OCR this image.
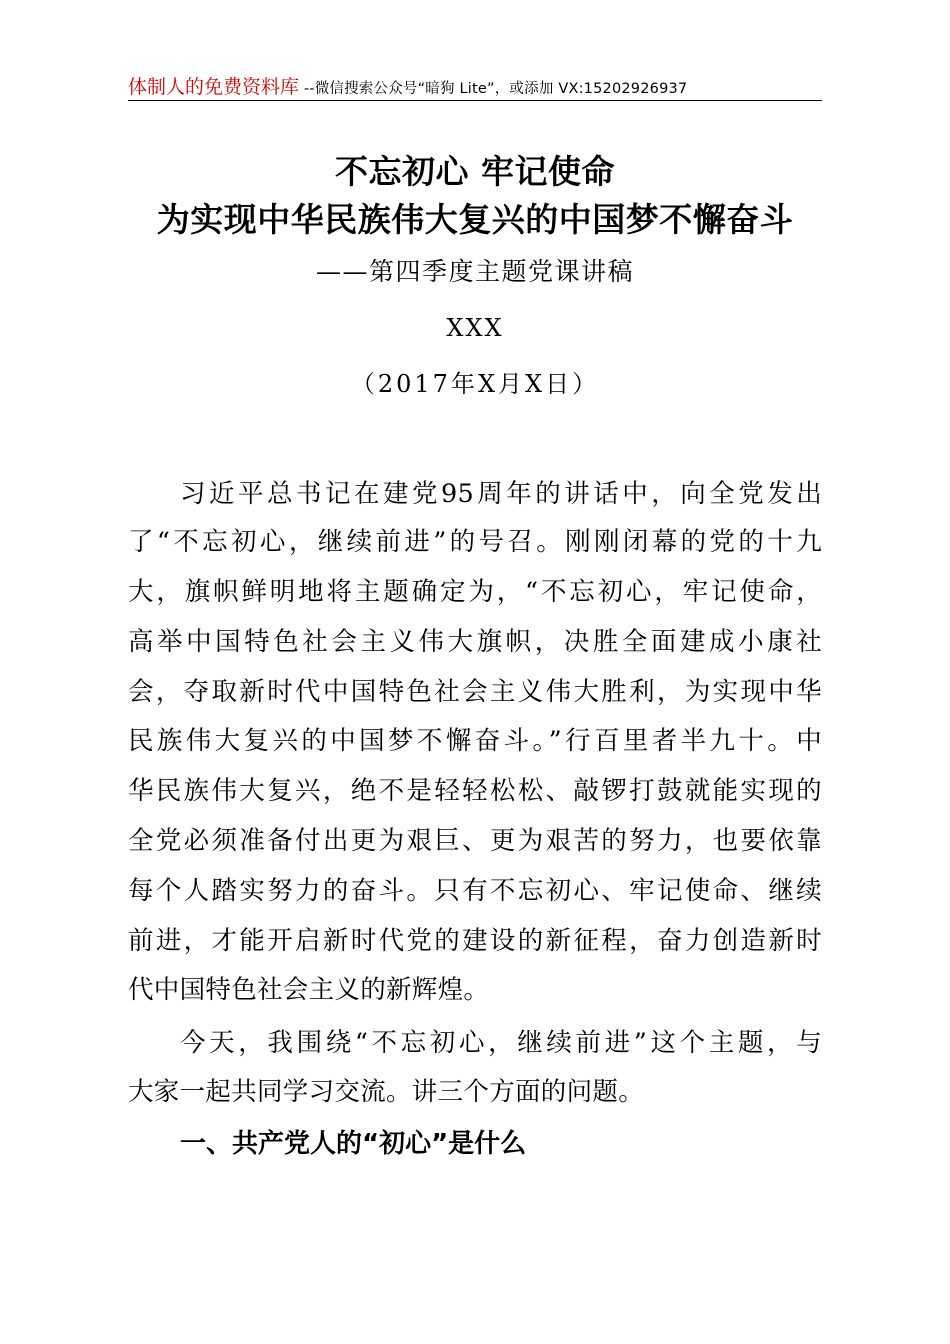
体制人的免费资料库 --微信搜索公众号“暗狗 Lite”，或添加 VX:15202926937
不忘初心 牢记使命
为实现中华民族伟大复兴的中国梦不懈奋斗
——第四季度主题党课讲稿
XXX
（2017年X月X日）
习近平总书记在建党95周年的讲话中，向全党发出
了“不忘初心，继续前进”的号召。刚刚闭幕的党的十九
大，旗帜鲜明地将主题确定为，“不忘初心，牢记使命，
高举中国特色社会主义伟大旗帜，决胜全面建成小康社
会，夺取新时代中国特色社会主义伟大胜利，为实现中华
民族伟大复兴的中国梦不懈奋斗。”行百里者半九十。中
华民族伟大复兴，绝不是轻轻松松、敲锣打鼓就能实现的
全党必须准备付出更为艰巨、更为艰苦的努力，也要依靠
每个人踏实努力的奋斗。只有不忘初心、牢记使命、继续
前进，才能开启新时代党的建设的新征程，奋力创造新时
代中国特色社会主义的新辉煌。
今天，我围绕“不忘初心，继续前进”这个主题，与
大家一起共同学习交流。讲三个方面的问题。
一、共产党人的“初心”是什么
